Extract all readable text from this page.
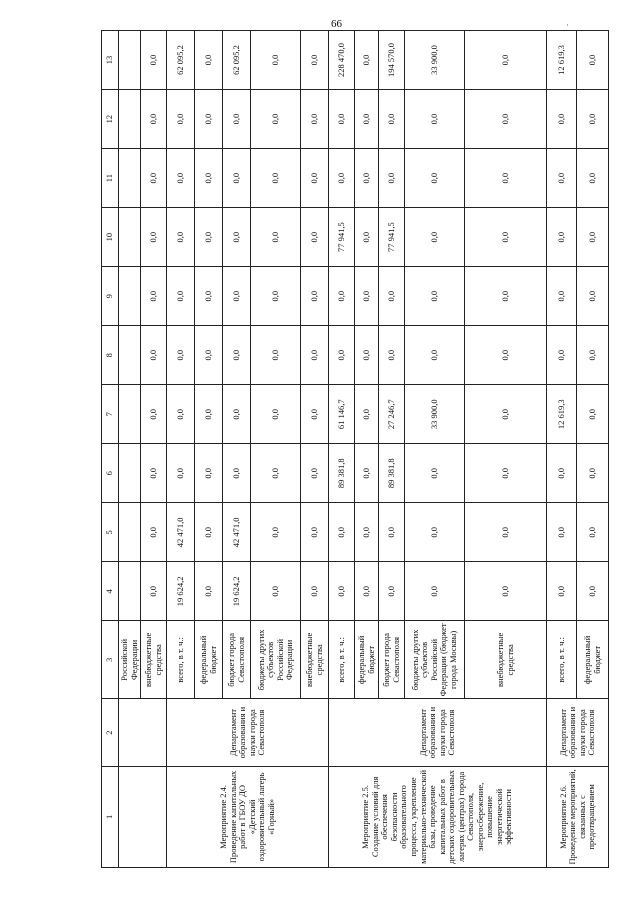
66
1	2	3	4	5	6	7	8	9	10	11	12	13
		Российской Федерации										
		внебюджетные средства	0,0	0,0	0,0	0,0	0,0	0,0	0,0	0,0	0,0	0,0
Мероприятие 2.4. Проведение капитальных работ в ГБОУ ДО «Детский оздоровительный лагерь «Горный»	Департамент образования и науки города Севастополя	всего, в т. ч.:	19 624,2	42 471,0	0,0	0,0	0,0	0,0	0,0	0,0	0,0	62 095,2
		федеральный бюджет	0,0	0,0	0,0	0,0	0,0	0,0	0,0	0,0	0,0	0,0
		бюджет города Севастополя	19 624,2	42 471,0	0,0	0,0	0,0	0,0	0,0	0,0	0,0	62 095,2
		бюджеты других субъектов Российской Федерации	0,0	0,0	0,0	0,0	0,0	0,0	0,0	0,0	0,0	0,0
		внебюджетные средства	0,0	0,0	0,0	0,0	0,0	0,0	0,0	0,0	0,0	0,0
Мероприятие 2.5. Создание условий для обеспечения безопасности образовательного процесса, укрепление материально-технической базы, проведение капитальных работ в детских оздоровительных лагерях (центрах) города Севастополя, энергосбережение, повышение энергетической эффективности	Департамент образования и науки города Севастополя	всего, в т. ч.:	0,0	0,0	89 381,8	61 146,7	0,0	0,0	77 941,5	0,0	0,0	228 470,0
		федеральный бюджет	0,0	0,0	0,0	0,0	0,0	0,0	0,0	0,0	0,0	0,0
		бюджет города Севастополя	0,0	0,0	89 381,8	27 246,7	0,0	0,0	77 941,5	0,0	0,0	194 570,0
		бюджеты других субъектов Российской Федерации (бюджет города Москвы)	0,0	0,0	0,0	33 900,0	0,0	0,0	0,0	0,0	0,0	33 900,0
		внебюджетные средства	0,0	0,0	0,0	0,0	0,0	0,0	0,0	0,0	0,0	0,0
Мероприятие 2.6. Проведение мероприятий, связанных с предотвращением	Департамент образования и науки города Севастополя	всего, в т. ч.:	0,0	0,0	0,0	12 619,3	0,0	0,0	0,0	0,0	0,0	12 619,3
		федеральный бюджет	0,0	0,0	0,0	0,0	0,0	0,0	0,0	0,0	0,0	0,0
·
